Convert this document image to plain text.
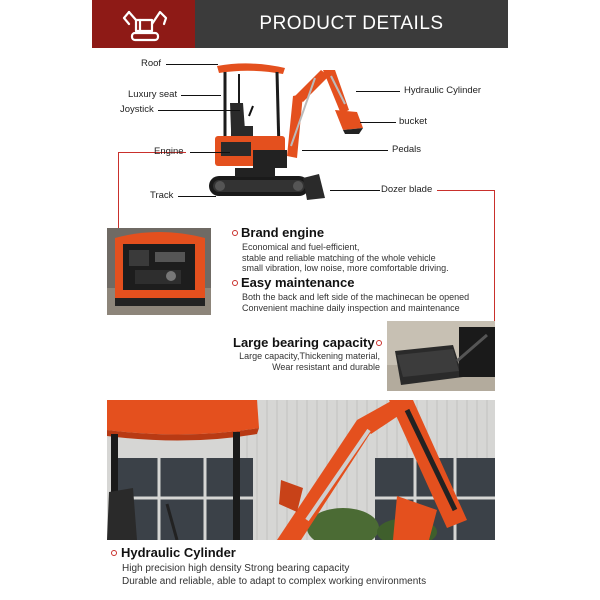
PRODUCT DETAILS
Roof
Luxury seat
Joystick
Engine
Track
Hydraulic Cylinder
bucket
Pedals
Dozer blade
Brand engine
Economical and fuel-efficient,
stable and reliable matching of the whole vehicle
small vibration, low noise, more comfortable driving.
Easy maintenance
Both the back and left side of the machinecan be opened
Convenient machine daily inspection and maintenance
Large bearing capacity
Large capacity,Thickening material,
Wear resistant and durable
Hydraulic Cylinder
High precision high density Strong bearing capacity
Durable and reliable, able to adapt to complex working environments
